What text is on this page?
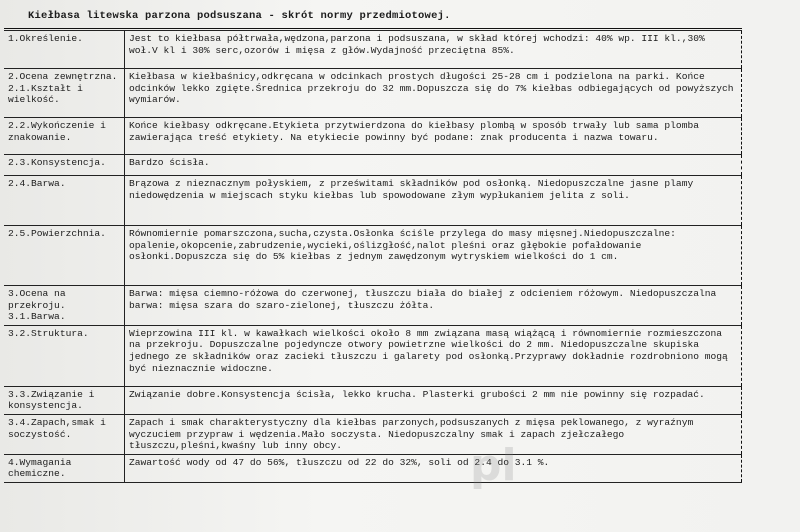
Kiełbasa litewska parzona podsuszana - skrót normy przedmiotowej.
1.Określenie.	Jest to kiełbasa półtrwała,wędzona,parzona i podsuszana, w skład której wchodzi: 40% wp. III kl.,30% woł.V kl i 30% serc,ozorów i mięsa z głów.Wydajność przeciętna 85%.
2.Ocena zewnętrzna.
2.1.Kształt i wielkość.	Kiełbasa w kiełbaśnicy,odkręcana w odcinkach prostych długości 25-28 cm i podzielona na parki. Końce odcinków lekko zgięte.Średnica przekroju do 32 mm.Dopuszcza się do 7% kiełbas odbiegających od powyższych wymiarów.
2.2.Wykończenie i znakowanie.	Końce kiełbasy odkręcane.Etykieta przytwierdzona do kiełbasy plombą w sposób trwały lub sama plomba zawierająca treść etykiety. Na etykiecie powinny być podane: znak producenta i nazwa towaru.
2.3.Konsystencja.	Bardzo ścisła.
2.4.Barwa.	Brązowa z nieznacznym połyskiem, z prześwitami składników pod osłonką. Niedopuszczalne jasne plamy niedowędzenia w miejscach styku kiełbas lub spowodowane złym wypłukaniem jelita z soli.
2.5.Powierzchnia.	Równomiernie pomarszczona,sucha,czysta.Osłonka ściśle przylega do masy mięsnej.Niedopuszczalne: opalenie,okopcenie,zabrudzenie,wycieki,oślizgłość,nalot pleśni oraz głębokie pofałdowanie osłonki.Dopuszcza się do 5% kiełbas z jednym zawędzonym wytryskiem wielkości do 1 cm.
3.Ocena na przekroju.
3.1.Barwa.	Barwa: mięsa ciemno-różowa do czerwonej, tłuszczu biała do białej z odcieniem różowym. Niedopuszczalna barwa: mięsa szara do szaro-zielonej, tłuszczu żółta.
3.2.Struktura.	Wieprzowina III kl. w kawałkach wielkości około 8 mm związana masą wiążącą i równomiernie rozmieszczona na przekroju. Dopuszczalne pojedyncze otwory powietrzne wielkości do 2 mm. Niedopuszczalne skupiska jednego ze składników oraz zacieki tłuszczu i galarety pod osłonką.Przyprawy dokładnie rozdrobniono mogą być nieznacznie widoczne.
3.3.Związanie i konsystencja.	Związanie dobre.Konsystencja ścisła, lekko krucha. Plasterki grubości 2 mm nie powinny się rozpadać.
3.4.Zapach,smak i soczystość.	Zapach i smak charakterystyczny dla kiełbas parzonych,podsuszanych z mięsa peklowanego, z wyraźnym wyczuciem przypraw i wędzenia.Mało soczysta. Niedopuszczalny smak i zapach zjełczałego tłuszczu,pleśni,kwaśny lub inny obcy.
4.Wymagania chemiczne.	Zawartość wody od 47 do 56%, tłuszczu od 22 do 32%, soli od 2.4 do 3.1 %.
pl
